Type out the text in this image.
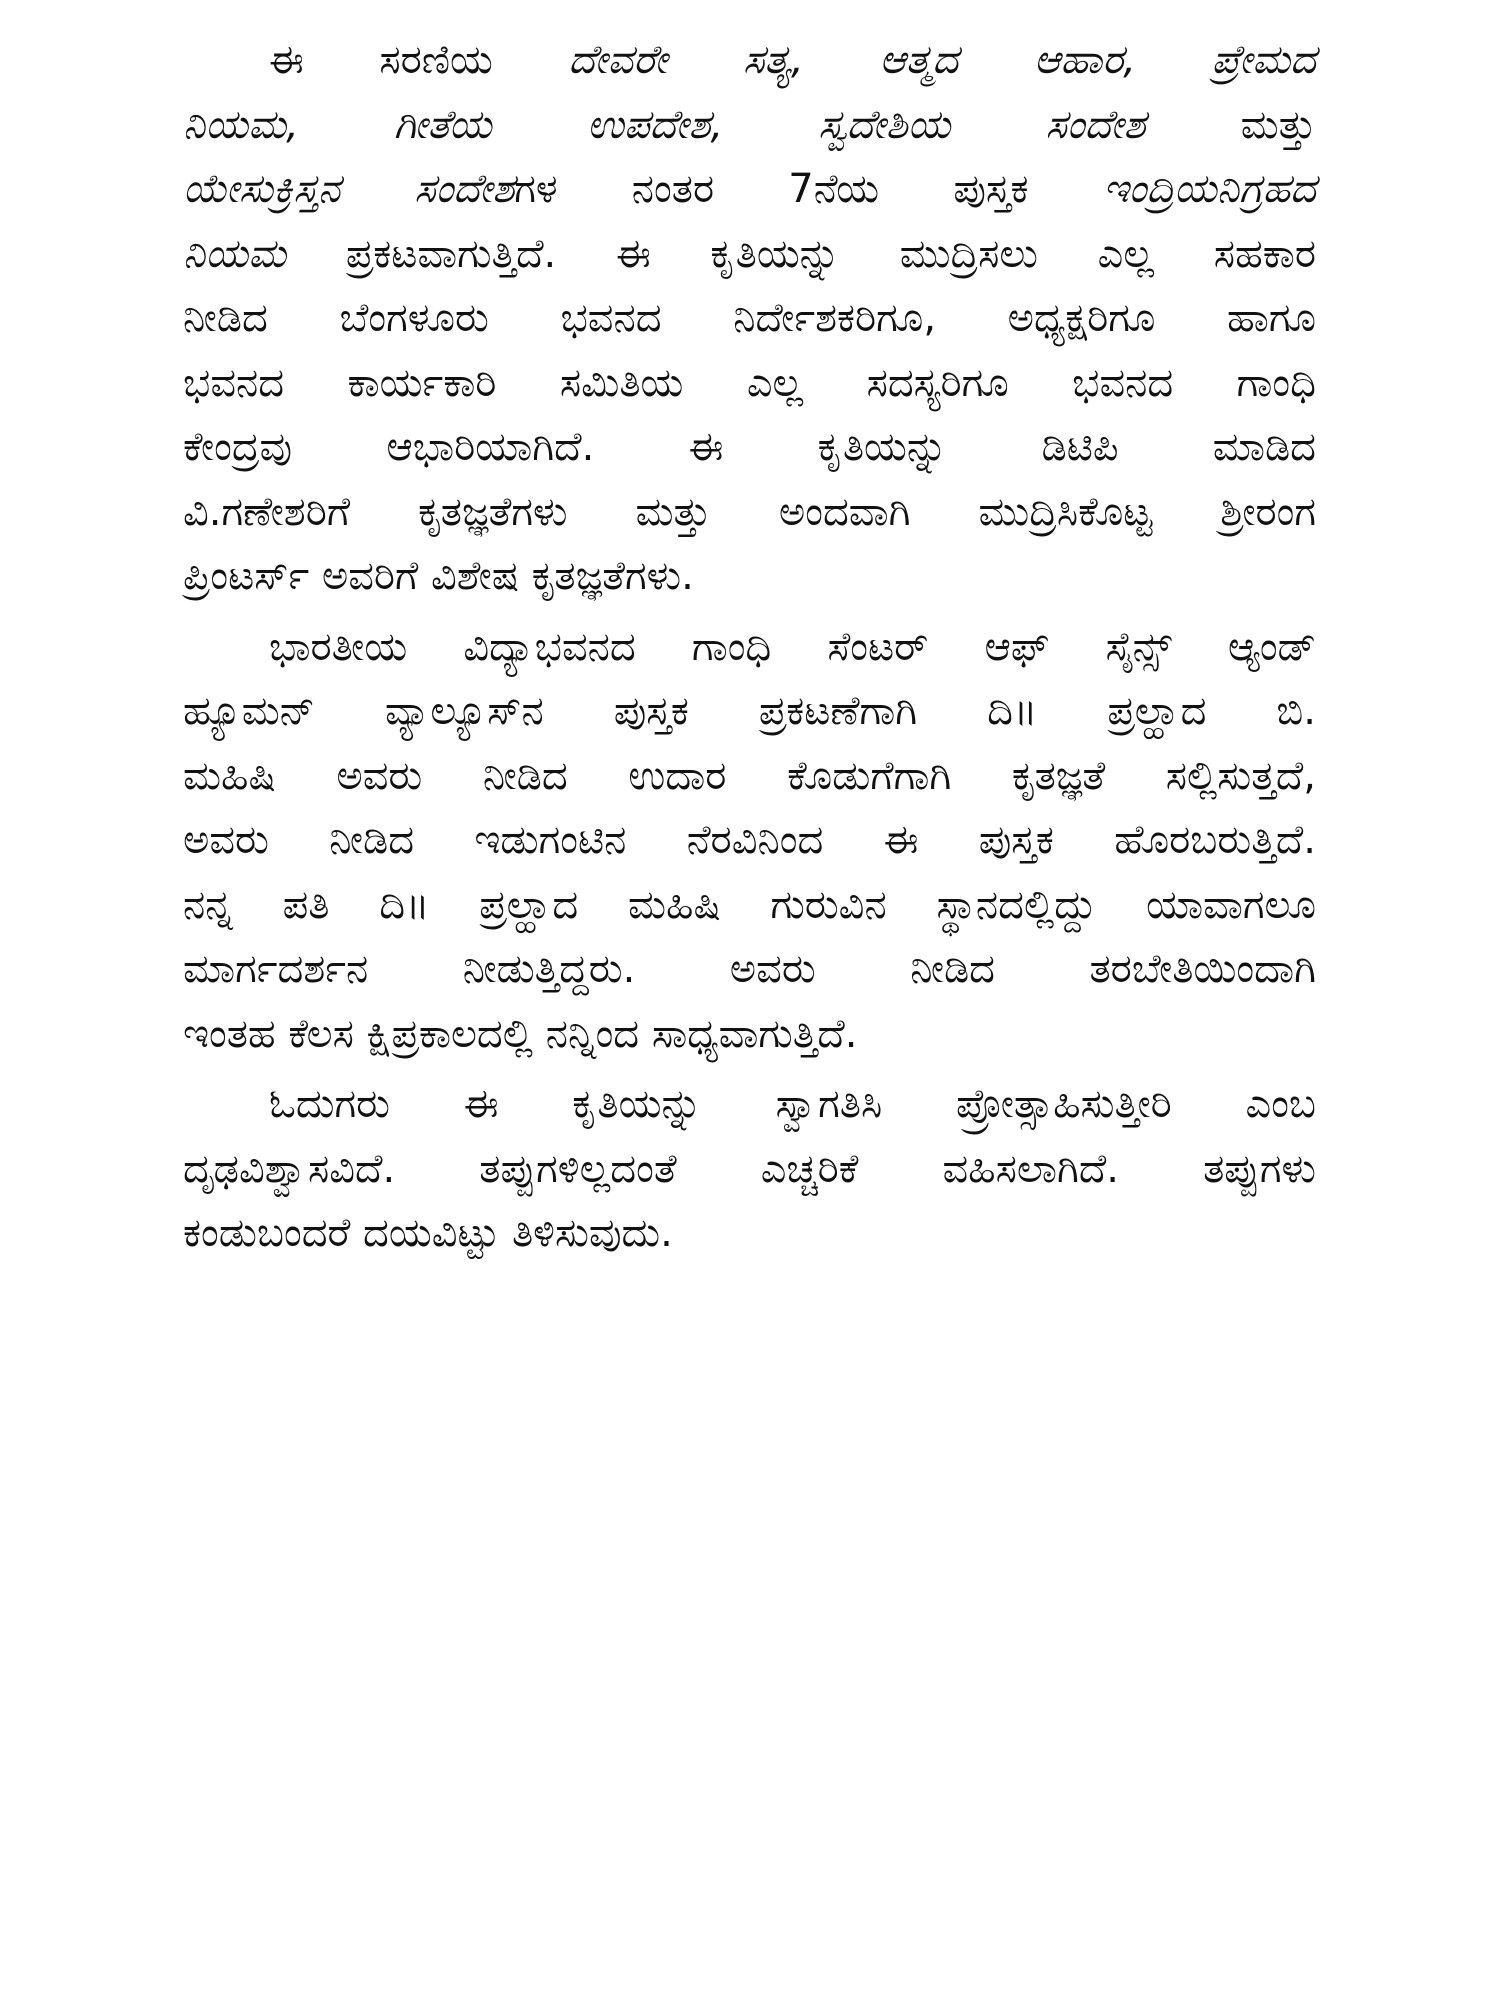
ಈ ಸರಣಿಯ ದೇವರೇ ಸತ್ಯ, ಆತ್ಮದ ಆಹಾರ, ಪ್ರೇಮದ
ನಿಯಮ, ಗೀತೆಯ ಉಪದೇಶ, ಸ್ವದೇಶಿಯ ಸಂದೇಶ ಮತ್ತು
ಯೇಸುಕ್ರಿಸ್ತನ ಸಂದೇಶಗಳ ನಂತರ 7ನೆಯ ಪುಸ್ತಕ ಇಂದ್ರಿಯನಿಗ್ರಹದ
ನಿಯಮ ಪ್ರಕಟವಾಗುತ್ತಿದೆ. ಈ ಕೃತಿಯನ್ನು ಮುದ್ರಿಸಲು ಎಲ್ಲ ಸಹಕಾರ
ನೀಡಿದ ಬೆಂಗಳೂರು ಭವನದ ನಿರ್ದೇಶಕರಿಗೂ, ಅಧ್ಯಕ್ಷರಿಗೂ ಹಾಗೂ
ಭವನದ ಕಾರ್ಯಕಾರಿ ಸಮಿತಿಯ ಎಲ್ಲ ಸದಸ್ಯರಿಗೂ ಭವನದ ಗಾಂಧಿ
ಕೇಂದ್ರವು ಆಭಾರಿಯಾಗಿದೆ. ಈ ಕೃತಿಯನ್ನು ಡಿಟಿಪಿ ಮಾಡಿದ
ವಿ.ಗಣೇಶರಿಗೆ ಕೃತಜ್ಞತೆಗಳು ಮತ್ತು ಅಂದವಾಗಿ ಮುದ್ರಿಸಿಕೊಟ್ಟ ಶ್ರೀರಂಗ
ಪ್ರಿಂಟರ್ಸ್ ಅವರಿಗೆ ವಿಶೇಷ ಕೃತಜ್ಞತೆಗಳು.
ಭಾರತೀಯ ವಿದ್ಯಾಭವನದ ಗಾಂಧಿ ಸೆಂಟರ್ ಆಫ್ ಸೈನ್ಸ್ ಆ್ಯಂಡ್
ಹ್ಯೂಮನ್ ವ್ಯಾಲ್ಯೂಸ್‌ನ ಪುಸ್ತಕ ಪ್ರಕಟಣೆಗಾಗಿ ದಿ॥ ಪ್ರಲ್ಹಾದ ಬಿ.
ಮಹಿಷಿ ಅವರು ನೀಡಿದ ಉದಾರ ಕೊಡುಗೆಗಾಗಿ ಕೃತಜ್ಞತೆ ಸಲ್ಲಿಸುತ್ತದೆ,
ಅವರು ನೀಡಿದ ಇಡುಗಂಟಿನ ನೆರವಿನಿಂದ ಈ ಪುಸ್ತಕ ಹೊರಬರುತ್ತಿದೆ.
ನನ್ನ ಪತಿ ದಿ॥ ಪ್ರಲ್ಹಾದ ಮಹಿಷಿ ಗುರುವಿನ ಸ್ಥಾನದಲ್ಲಿದ್ದು ಯಾವಾಗಲೂ
ಮಾರ್ಗದರ್ಶನ ನೀಡುತ್ತಿದ್ದರು. ಅವರು ನೀಡಿದ ತರಬೇತಿಯಿಂದಾಗಿ
ಇಂತಹ ಕೆಲಸ ಕ್ಷಿಪ್ರಕಾಲದಲ್ಲಿ ನನ್ನಿಂದ ಸಾಧ್ಯವಾಗುತ್ತಿದೆ.
ಓದುಗರು ಈ ಕೃತಿಯನ್ನು ಸ್ವಾಗತಿಸಿ ಪ್ರೋತ್ಸಾಹಿಸುತ್ತೀರಿ ಎಂಬ
ದೃಢವಿಶ್ವಾಸವಿದೆ. ತಪ್ಪುಗಳಿಲ್ಲದಂತೆ ಎಚ್ಚರಿಕೆ ವಹಿಸಲಾಗಿದೆ. ತಪ್ಪುಗಳು
ಕಂಡುಬಂದರೆ ದಯವಿಟ್ಟು ತಿಳಿಸುವುದು.
